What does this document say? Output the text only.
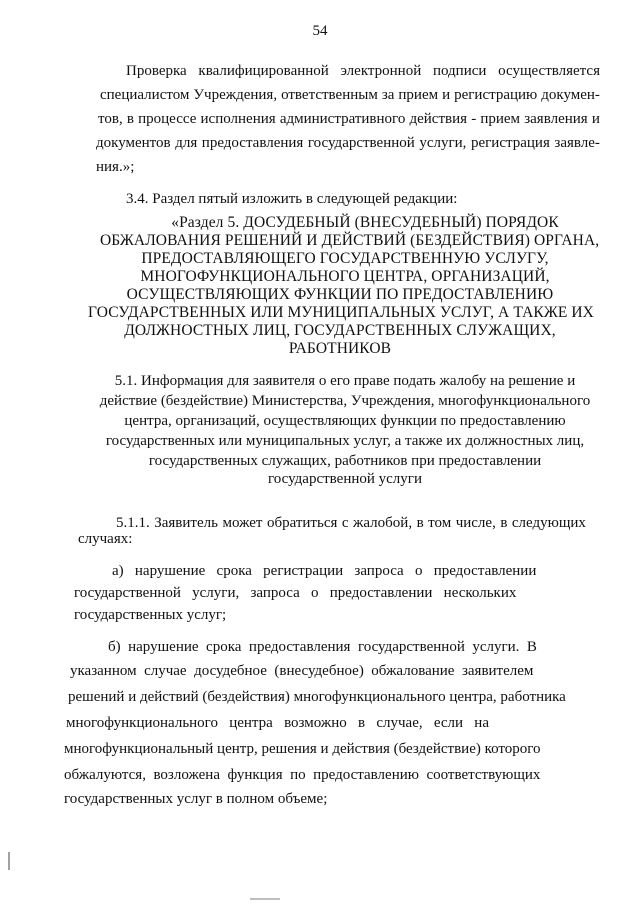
54
Проверка квалифицированной электронной подписи осуществляется
специалистом Учреждения, ответственным за прием и регистрацию докумен-
тов, в процессе исполнения административного действия - прием заявления и
документов для предоставления государственной услуги, регистрация заявле-
ния.»;
3.4. Раздел пятый изложить в следующей редакции:
«Раздел 5. ДОСУДЕБНЫЙ (ВНЕСУДЕБНЫЙ) ПОРЯДОК
ОБЖАЛОВАНИЯ РЕШЕНИЙ И ДЕЙСТВИЙ (БЕЗДЕЙСТВИЯ) ОРГАНА,
ПРЕДОСТАВЛЯЮЩЕГО ГОСУДАРСТВЕННУЮ УСЛУГУ,
МНОГОФУНКЦИОНАЛЬНОГО ЦЕНТРА, ОРГАНИЗАЦИЙ,
ОСУЩЕСТВЛЯЮЩИХ ФУНКЦИИ ПО ПРЕДОСТАВЛЕНИЮ
ГОСУДАРСТВЕННЫХ ИЛИ МУНИЦИПАЛЬНЫХ УСЛУГ, А ТАКЖЕ ИХ
ДОЛЖНОСТНЫХ ЛИЦ, ГОСУДАРСТВЕННЫХ СЛУЖАЩИХ,
РАБОТНИКОВ
5.1. Информация для заявителя о его праве подать жалобу на решение и
действие (бездействие) Министерства, Учреждения, многофункционального
центра, организаций, осуществляющих функции по предоставлению
государственных или муниципальных услуг, а также их должностных лиц,
государственных служащих, работников при предоставлении
государственной услуги
5.1.1. Заявитель может обратиться с жалобой, в том числе, в следующих
случаях:
а)   нарушение   срока   регистрации   запроса   о   предоставлении
государственной   услуги,   запроса   о   предоставлении   нескольких
государственных услуг;
б)  нарушение  срока  предоставления  государственной  услуги.  В
указанном  случае  досудебное  (внесудебное)  обжалование  заявителем
решений и действий (бездействия) многофункционального центра, работника
многофункционального   центра   возможно   в   случае,   если   на
многофункциональный центр, решения и действия (бездействие) которого
обжалуются,  возложена  функция  по  предоставлению  соответствующих
государственных услуг в полном объеме;
